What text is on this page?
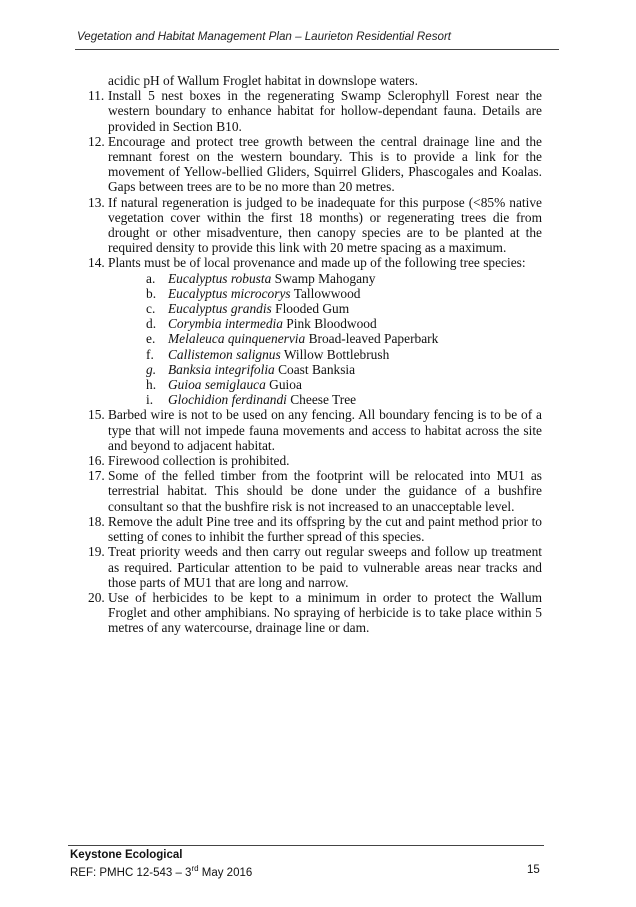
Vegetation and Habitat Management Plan – Laurieton Residential Resort
acidic pH of Wallum Froglet habitat in downslope waters.
11. Install 5 nest boxes in the regenerating Swamp Sclerophyll Forest near the western boundary to enhance habitat for hollow-dependant fauna. Details are provided in Section B10.
12. Encourage and protect tree growth between the central drainage line and the remnant forest on the western boundary. This is to provide a link for the movement of Yellow-bellied Gliders, Squirrel Gliders, Phascogales and Koalas. Gaps between trees are to be no more than 20 metres.
13. If natural regeneration is judged to be inadequate for this purpose (<85% native vegetation cover within the first 18 months) or regenerating trees die from drought or other misadventure, then canopy species are to be planted at the required density to provide this link with 20 metre spacing as a maximum.
14. Plants must be of local provenance and made up of the following tree species:
a. Eucalyptus robusta Swamp Mahogany
b. Eucalyptus microcorys Tallowwood
c. Eucalyptus grandis Flooded Gum
d. Corymbia intermedia Pink Bloodwood
e. Melaleuca quinquenervia Broad-leaved Paperbark
f. Callistemon salignus Willow Bottlebrush
g. Banksia integrifolia Coast Banksia
h. Guioa semiglauca Guioa
i. Glochidion ferdinandi Cheese Tree
15. Barbed wire is not to be used on any fencing. All boundary fencing is to be of a type that will not impede fauna movements and access to habitat across the site and beyond to adjacent habitat.
16. Firewood collection is prohibited.
17. Some of the felled timber from the footprint will be relocated into MU1 as terrestrial habitat. This should be done under the guidance of a bushfire consultant so that the bushfire risk is not increased to an unacceptable level.
18. Remove the adult Pine tree and its offspring by the cut and paint method prior to setting of cones to inhibit the further spread of this species.
19. Treat priority weeds and then carry out regular sweeps and follow up treatment as required. Particular attention to be paid to vulnerable areas near tracks and those parts of MU1 that are long and narrow.
20. Use of herbicides to be kept to a minimum in order to protect the Wallum Froglet and other amphibians. No spraying of herbicide is to take place within 5 metres of any watercourse, drainage line or dam.
Keystone Ecological
REF: PMHC 12-543 – 3rd May 2016	15
